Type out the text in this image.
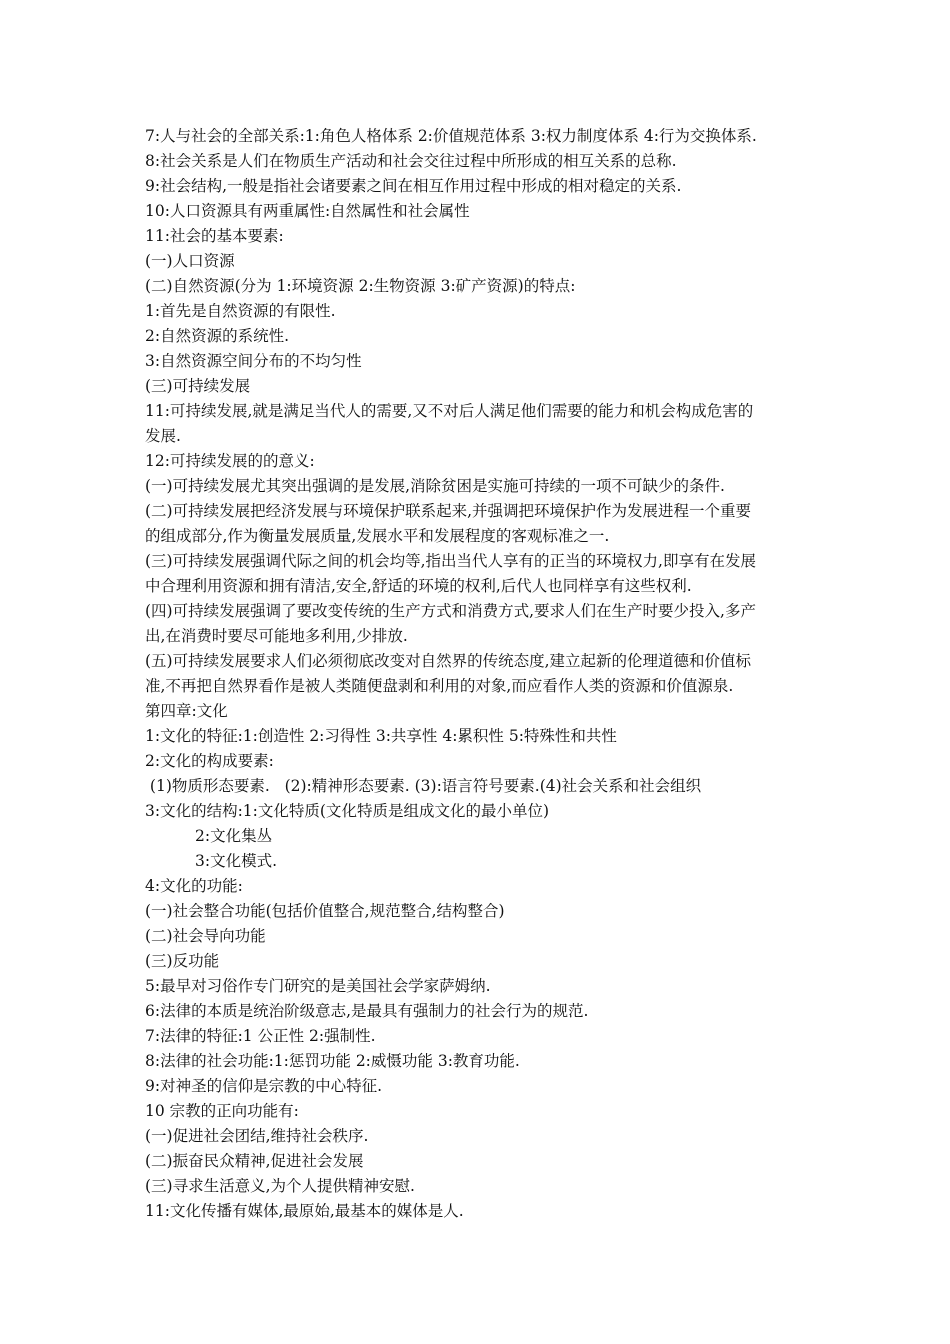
7:人与社会的全部关系:1:角色人格体系 2:价值规范体系 3:权力制度体系 4:行为交换体系.
8:社会关系是人们在物质生产活动和社会交往过程中所形成的相互关系的总称.
9:社会结构,一般是指社会诸要素之间在相互作用过程中形成的相对稳定的关系.
10:人口资源具有两重属性:自然属性和社会属性
11:社会的基本要素:
(一)人口资源
(二)自然资源(分为 1:环境资源 2:生物资源 3:矿产资源)的特点:
1:首先是自然资源的有限性.
2:自然资源的系统性.
3:自然资源空间分布的不均匀性
(三)可持续发展
11:可持续发展,就是满足当代人的需要,又不对后人满足他们需要的能力和机会构成危害的
发展.
12:可持续发展的的意义:
(一)可持续发展尤其突出强调的是发展,消除贫困是实施可持续的一项不可缺少的条件.
(二)可持续发展把经济发展与环境保护联系起来,并强调把环境保护作为发展进程一个重要
的组成部分,作为衡量发展质量,发展水平和发展程度的客观标准之一.
(三)可持续发展强调代际之间的机会均等,指出当代人享有的正当的环境权力,即享有在发展
中合理利用资源和拥有清洁,安全,舒适的环境的权利,后代人也同样享有这些权利.
(四)可持续发展强调了要改变传统的生产方式和消费方式,要求人们在生产时要少投入,多产
出,在消费时要尽可能地多利用,少排放.
(五)可持续发展要求人们必须彻底改变对自然界的传统态度,建立起新的伦理道德和价值标
准,不再把自然界看作是被人类随便盘剥和利用的对象,而应看作人类的资源和价值源泉.
第四章:文化
1:文化的特征:1:创造性 2:习得性 3:共享性 4:累积性 5:特殊性和共性
2:文化的构成要素:
(1)物质形态要素.   (2):精神形态要素. (3):语言符号要素.(4)社会关系和社会组织
3:文化的结构:1:文化特质(文化特质是组成文化的最小单位)
2:文化集丛
3:文化模式.
4:文化的功能:
(一)社会整合功能(包括价值整合,规范整合,结构整合)
(二)社会导向功能
(三)反功能
5:最早对习俗作专门研究的是美国社会学家萨姆纳.
6:法律的本质是统治阶级意志,是最具有强制力的社会行为的规范.
7:法律的特征:1 公正性 2:强制性.
8:法律的社会功能:1:惩罚功能 2:威慑功能 3:教育功能.
9:对神圣的信仰是宗教的中心特征.
10 宗教的正向功能有:
(一)促进社会团结,维持社会秩序.
(二)振奋民众精神,促进社会发展
(三)寻求生活意义,为个人提供精神安慰.
11:文化传播有媒体,最原始,最基本的媒体是人.
